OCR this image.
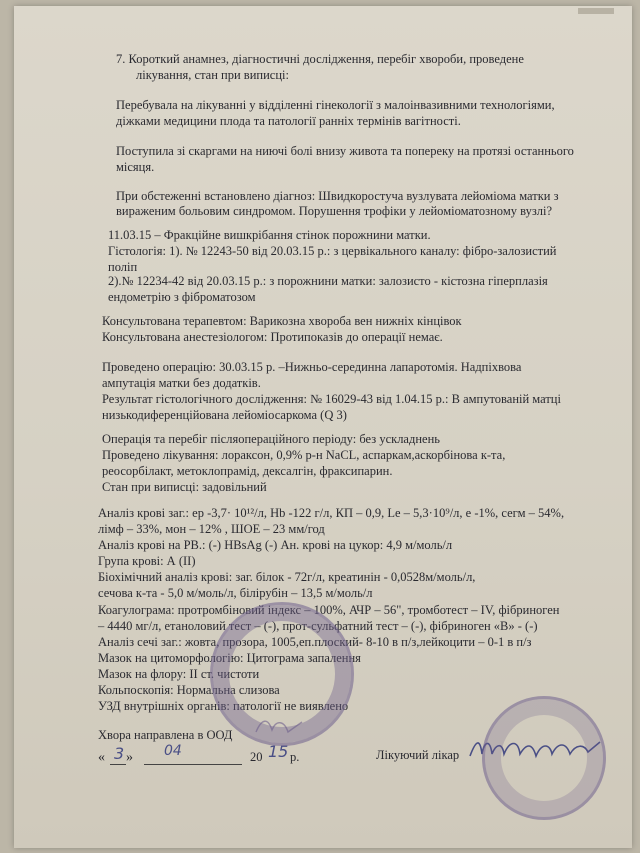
7. Короткий анамнез, діагностичні дослідження, перебіг хвороби, проведене
лікування, стан при виписці:
Перебувала на лікуванні у відділенні гінекології з малоінвазивними технологіями,
діжками медицини плода та патології ранніх термінів вагітності.
Поступила зі скаргами на ниючі болі внизу живота та попереку на протязі останнього
місяця.
При обстеженні встановлено діагноз: Швидкоростуча вузлувата лейоміома матки з
вираженим больовим синдромом. Порушення трофіки у лейоміоматозному вузлі?
11.03.15 – Фракційне вишкрібання стінок порожнини матки.
Гістологія: 1). № 12243-50 від 20.03.15 р.: з цервікального каналу: фібро-залозистий
поліп
2).№ 12234-42 від 20.03.15 р.: з порожнини матки: залозисто - кістозна гіперплазія
ендометрію з фіброматозом
Консультована терапевтом: Варикозна хвороба вен нижніх кінцівок
Консультована анестезіологом: Протипоказів до операції немає.
Проведено операцію: 30.03.15 р. –Нижньо-серединна лапаротомія. Надпіхвова
ампутація матки без додатків.
Результат гістологічного дослідження: № 16029-43 від 1.04.15 р.: В ампутованій матці
низькодиференційована лейоміосаркома (Q 3)
Операція та перебіг післяопераційного періоду: без ускладнень
Проведено лікування: лораксон, 0,9% р-н NaCL, аспаркам,аскорбінова к-та,
реосорбілакт, метоклопрамід, дексалгін, фраксипарин.
Стан при виписці: задовільний
Аналіз крові заг.: ер -3,7· 10¹²/л, Hb -122 г/л, КП – 0,9, Le – 5,3·10⁹/л, е -1%, сегм – 54%,
лімф – 33%, мон – 12% , ШОЕ – 23 мм/год
Аналіз крові на РВ.: (-) HBsAg (-) Ан. крові на цукор: 4,9 м/моль/л
Група крові: А (II)
Біохімічний аналіз крові: заг. білок - 72г/л, креатинін - 0,0528м/моль/л,
сечова к-та - 5,0 м/моль/л, білірубін – 13,5 м/моль/л
Коагулограма: протромбіновий індекс – 100%, АЧР – 56", тромботест – IV, фібриноген
– 4440 мг/л, етаноловий тест – (-), прот-сульфатний тест – (-), фібриноген «В» - (-)
Аналіз сечі заг.: жовта, прозора, 1005,еп.плоский- 8-10 в п/з,лейкоцити – 0-1 в п/з
Мазок на цитоморфологію: Цитограма запалення
Мазок на флору: II ст. чистоти
Кольпоскопія: Нормальна слизова
УЗД внутрішніх органів: патології не виявлено
Хвора направлена в ООД
« 3 » 04	20 15 р.	Лікуючий лікар
